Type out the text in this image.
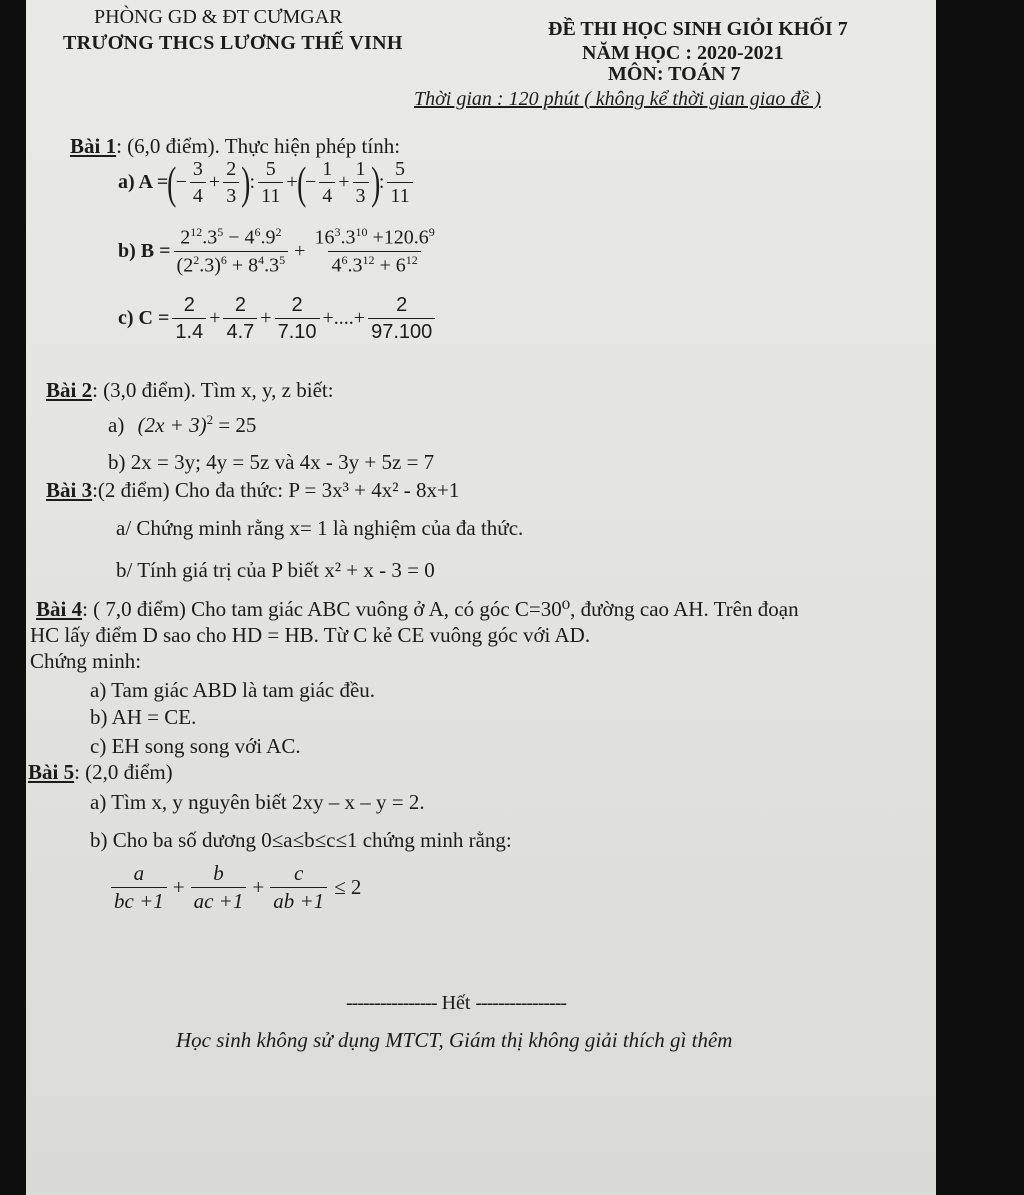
PHÒNG GD & ĐT CƯMGAR
TRƯƠNG THCS LƯƠNG THẾ VINH
ĐỀ THI HỌC SINH GIỎI KHỐI 7
NĂM HỌC : 2020-2021
MÔN: TOÁN 7
Thời gian : 120 phút ( không kể thời gian giao đề )
Bài 1: (6,0 điểm). Thực hiện phép tính:
a) A = ( − $\frac{3}{4} + \frac{2}{3}$ ) : $\frac{5}{11}$ + ( − $\frac{1}{4} + \frac{1}{3}$ ) : $\frac{5}{11}$
b) $B = \frac{2^{12}.3^5 - 4^6.9^2}{(2^2.3)^6 + 8^4.3^5} + \frac{16^3.3^{10} +120.6^9}{4^6.3^{12} + 6^{12}}$
c) $C = \frac{2}{1.4} + \frac{2}{4.7} + \frac{2}{7.10}$ +....+ $\frac{2}{97.100}$
Bài 2: (3,0 điểm). Tìm x, y, z biết:
a) $(2x + 3)^2 = 25$
b) 2x = 3y; 4y = 5z và 4x - 3y + 5z = 7
Bài 3:(2 điểm) Cho đa thức: P = 3x³ + 4x² - 8x+1
a/ Chứng minh rằng x= 1 là nghiệm của đa thức.
b/ Tính giá trị của P biết x² + x - 3 = 0
Bài 4: ( 7,0 điểm) Cho tam giác ABC vuông ở A, có góc C=30⁰, đường cao AH. Trên đoạn
HC lấy điểm D sao cho HD = HB. Từ C kẻ CE vuông góc với AD.
Chứng minh:
a) Tam giác ABD là tam giác đều.
b) AH = CE.
c) EH song song với AC.
Bài 5: (2,0 điểm)
a) Tìm x, y nguyên biết 2xy – x – y = 2.
b) Cho ba số dương 0≤a≤b≤c≤1 chứng minh rằng:
$\frac{a}{bc +1} + \frac{b}{ac +1} + \frac{c}{ab +1} \le 2$
---------------- Hết ----------------
Học sinh không sử dụng MTCT, Giám thị không giải thích gì thêm
